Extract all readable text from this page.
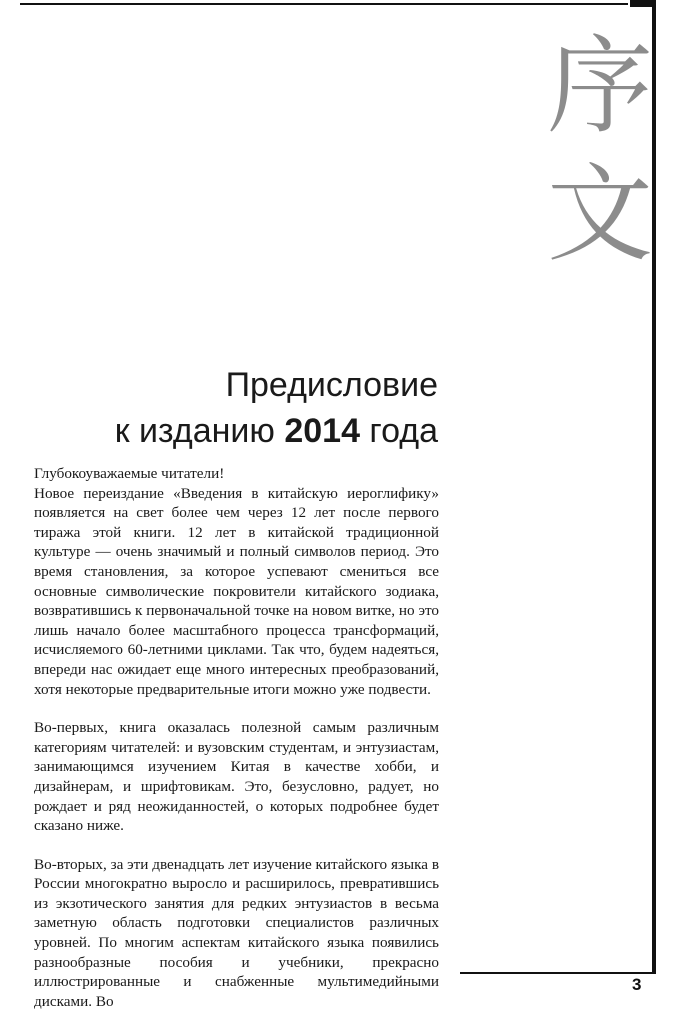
序
文
Предисловие
к изданию 2014 года

Глубокоуважаемые читатели!

Новое переиздание «Введения в китайскую иероглифику» появляется на свет более чем через 12 лет после первого тиража этой книги. 12 лет в китайской традиционной культуре — очень значимый и полный символов период. Это время становления, за которое успевают смениться все основные символические покровители китайского зодиака, возвратившись к первоначальной точке на новом витке, но это лишь начало более масштабного процесса трансформаций, исчисляемого 60-летними циклами. Так что, будем надеяться, впереди нас ожидает еще много интересных преобразований, хотя некоторые предварительные итоги можно уже подвести.

Во-первых, книга оказалась полезной самым различным категориям читателей: и вузовским студентам, и энтузиастам, занимающимся изучением Китая в качестве хобби, и дизайнерам, и шрифтовикам. Это, безусловно, радует, но рождает и ряд неожиданностей, о которых подробнее будет сказано ниже.

Во-вторых, за эти двенадцать лет изучение китайского языка в России многократно выросло и расширилось, превратившись из экзотического занятия для редких энтузиастов в весьма заметную область подготовки специалистов различных уровней. По многим аспектам китайского языка появились разнообразные пособия и учебники, прекрасно иллюстрированные и снабженные мультимедийными дисками. Во

3
